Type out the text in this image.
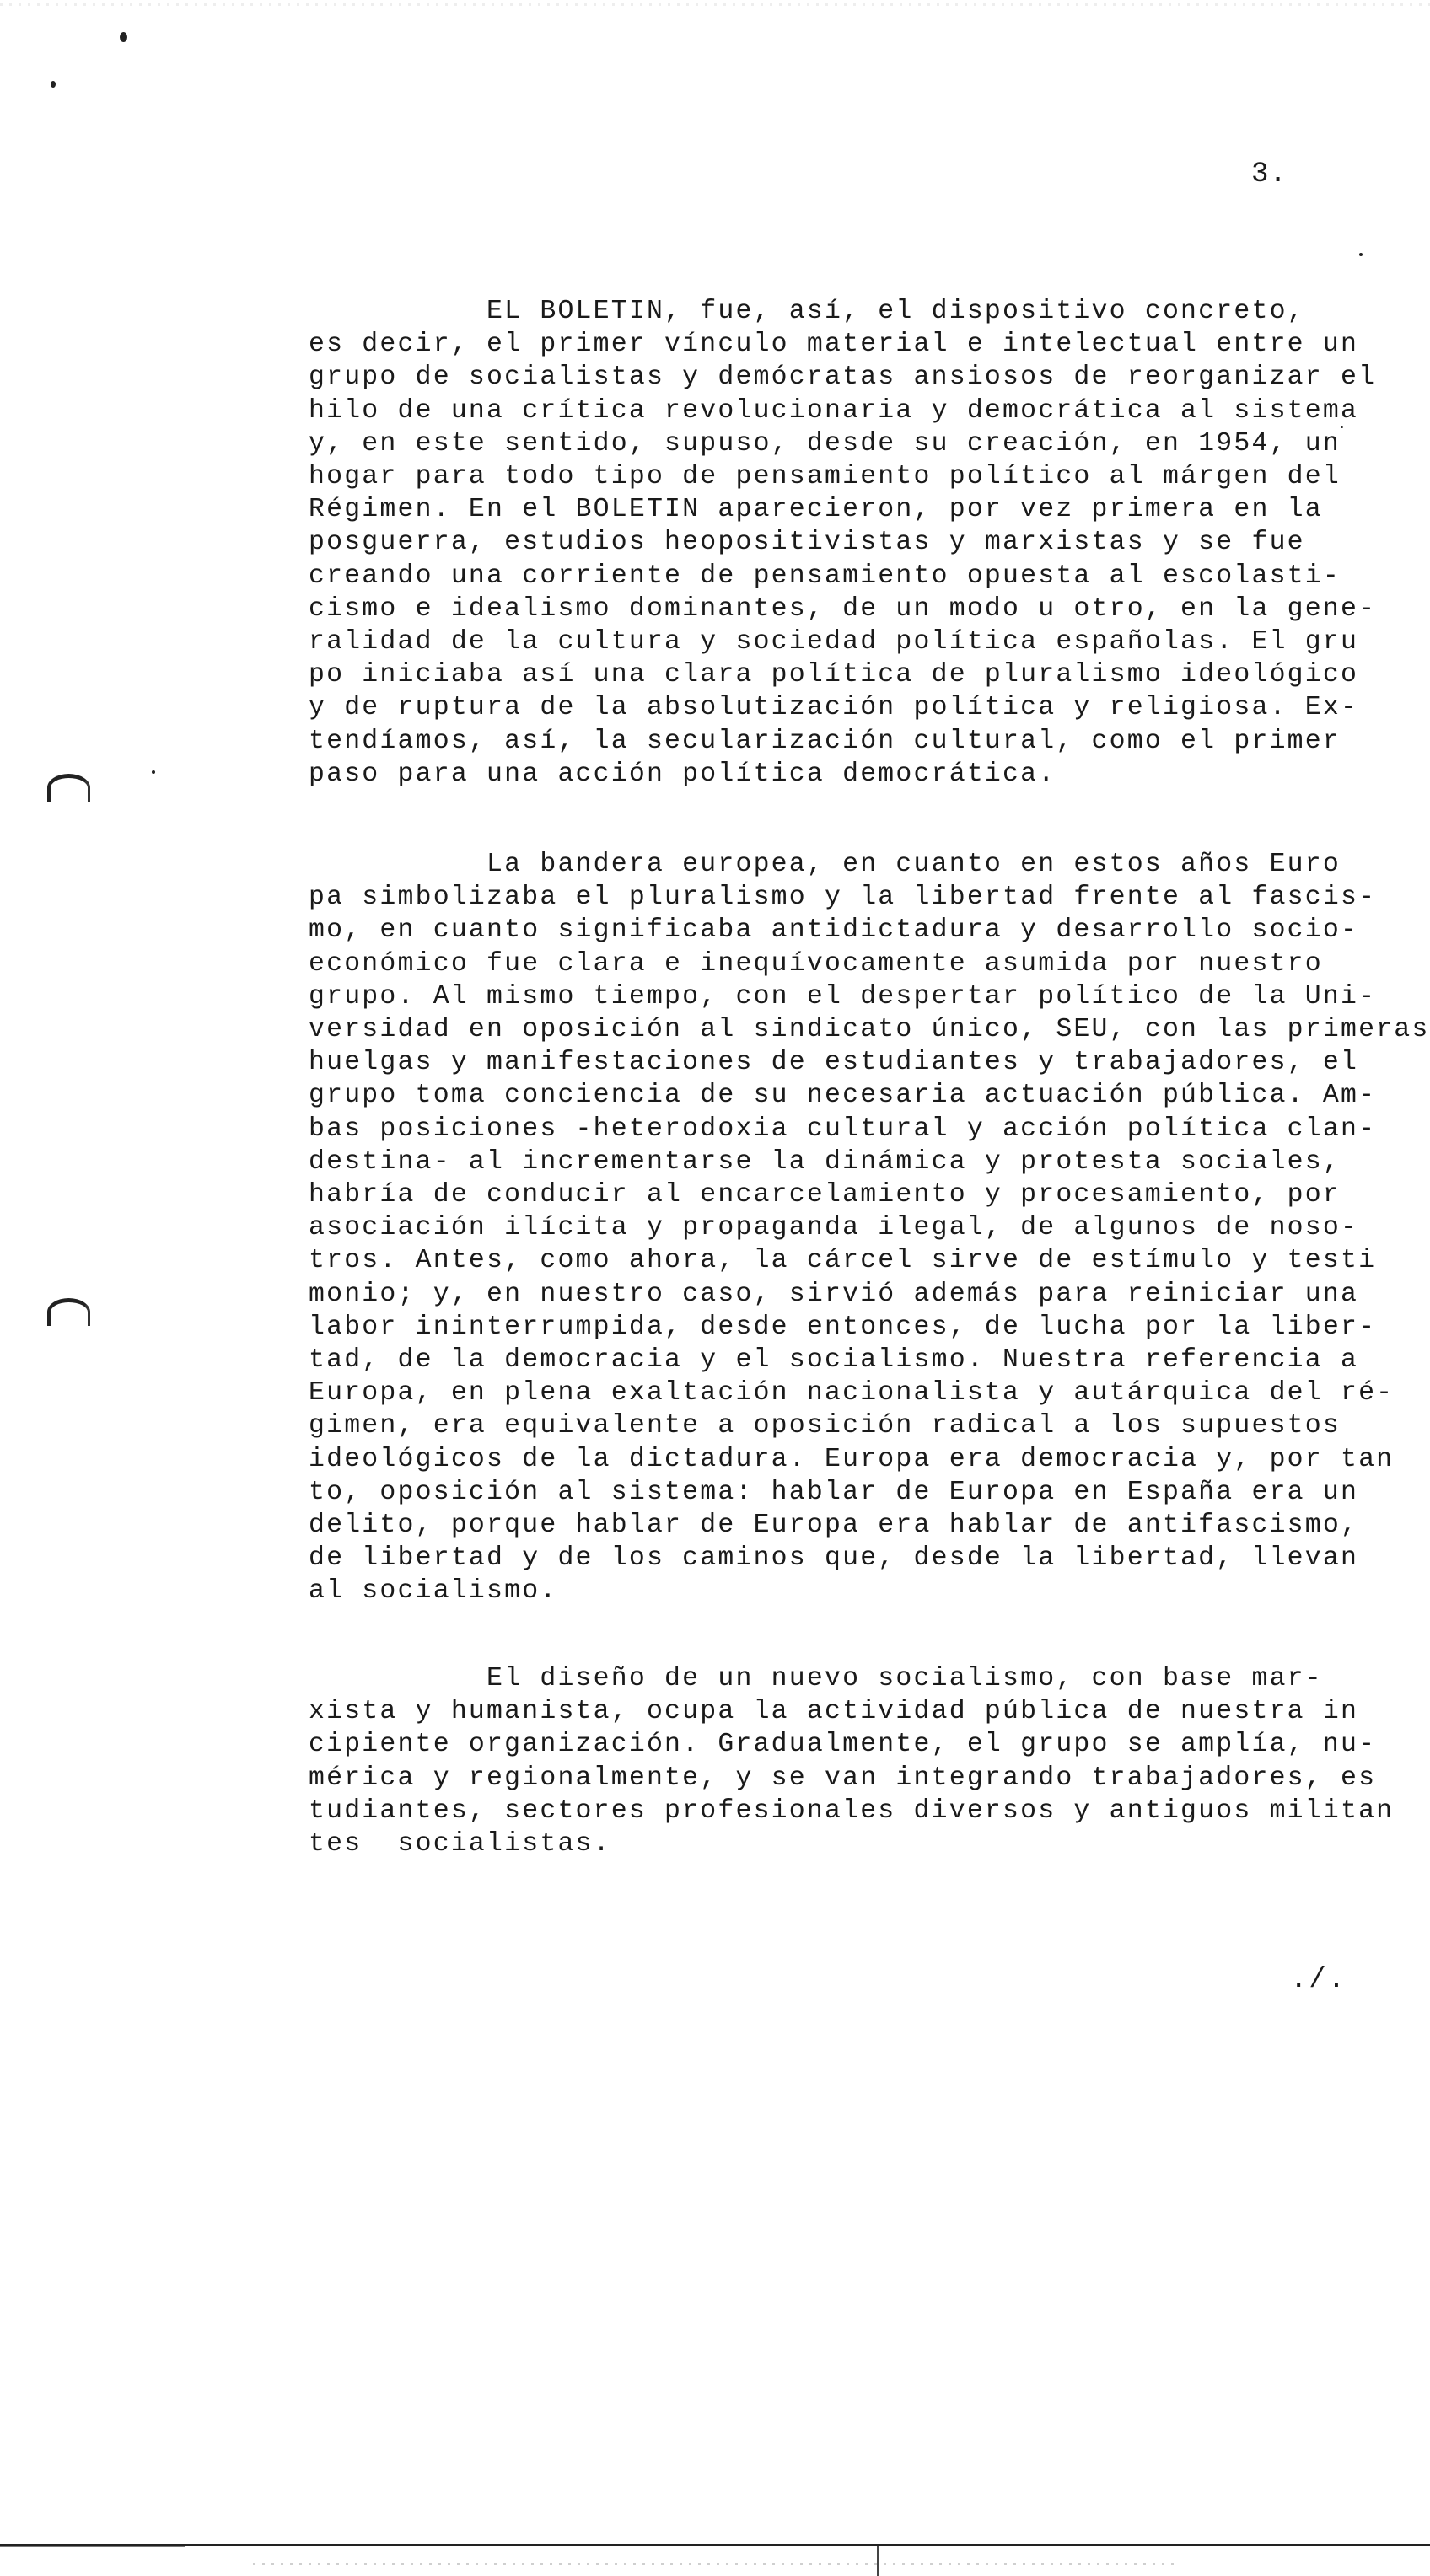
3.
EL BOLETIN, fue, así, el dispositivo concreto,
es decir, el primer vínculo material e intelectual entre un
grupo de socialistas y demócratas ansiosos de reorganizar el
hilo de una crítica revolucionaria y democrática al sistema
y, en este sentido, supuso, desde su creación, en 1954, un
hogar para todo tipo de pensamiento político al márgen del
Régimen. En el BOLETIN aparecieron, por vez primera en la
posguerra, estudios heopositivistas y marxistas y se fue
creando una corriente de pensamiento opuesta al escolasti-
cismo e idealismo dominantes, de un modo u otro, en la gene-
ralidad de la cultura y sociedad política españolas. El gru
po iniciaba así una clara política de pluralismo ideológico
y de ruptura de la absolutización política y religiosa. Ex-
tendíamos, así, la secularización cultural, como el primer
paso para una acción política democrática.
La bandera europea, en cuanto en estos años Euro
pa simbolizaba el pluralismo y la libertad frente al fascis-
mo, en cuanto significaba antidictadura y desarrollo socio-
económico fue clara e inequívocamente asumida por nuestro
grupo. Al mismo tiempo, con el despertar político de la Uni-
versidad en oposición al sindicato único, SEU, con las primeras
huelgas y manifestaciones de estudiantes y trabajadores, el
grupo toma conciencia de su necesaria actuación pública. Am-
bas posiciones -heterodoxia cultural y acción política clan-
destina- al incrementarse la dinámica y protesta sociales,
habría de conducir al encarcelamiento y procesamiento, por
asociación ilícita y propaganda ilegal, de algunos de noso-
tros. Antes, como ahora, la cárcel sirve de estímulo y testi
monio; y, en nuestro caso, sirvió además para reiniciar una
labor ininterrumpida, desde entonces, de lucha por la liber-
tad, de la democracia y el socialismo. Nuestra referencia a
Europa, en plena exaltación nacionalista y autárquica del ré-
gimen, era equivalente a oposición radical a los supuestos
ideológicos de la dictadura. Europa era democracia y, por tan
to, oposición al sistema: hablar de Europa en España era un
delito, porque hablar de Europa era hablar de antifascismo,
de libertad y de los caminos que, desde la libertad, llevan
al socialismo.
El diseño de un nuevo socialismo, con base mar-
xista y humanista, ocupa la actividad pública de nuestra in
cipiente organización. Gradualmente, el grupo se amplía, nu-
mérica y regionalmente, y se van integrando trabajadores, es
tudiantes, sectores profesionales diversos y antiguos militan
tes  socialistas.
./.
